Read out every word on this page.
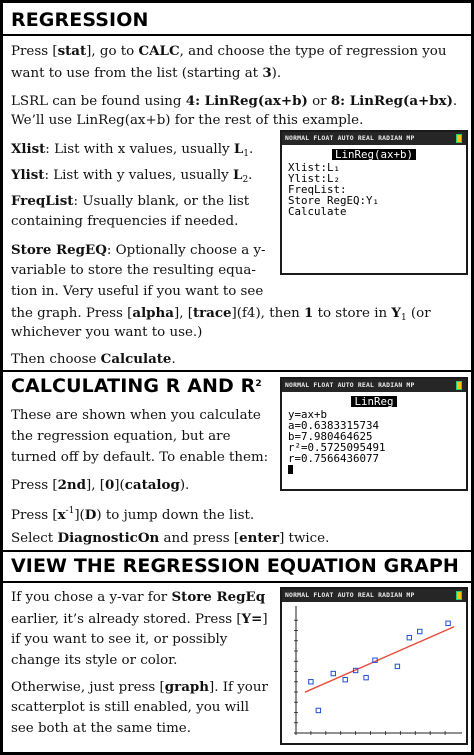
REGRESSION
Press [stat], go to CALC, and choose the type of regression you
want to use from the list (starting at 3).
LSRL can be found using 4: LinReg(ax+b) or 8: LinReg(a+bx).
We’ll use LinReg(ax+b) for the rest of this example.
Xlist: List with x values, usually $L_1$.
Ylist: List with y values, usually $L_2$.
FreqList: Usually blank, or the list
containing frequencies if needed.
Store RegEQ: Optionally choose a y-
variable to store the resulting equa-
tion in. Very useful if you want to see
the graph. Press [alpha], [trace](f4), then 1 to store in $Y_1$ (or
whichever you want to use.)
Then choose Calculate.
NORMAL FLOAT AUTO REAL RADIAN MP
LinReg(ax+b)
Xlist:L₁
Ylist:L₂
FreqList:
Store RegEQ:Y₁
Calculate
CALCULATING R AND $R^2$
These are shown when you calculate
the regression equation, but are
turned off by default. To enable them:
Press [2nd], [0](catalog).
Press $[x^{-1}](D)$ to jump down the list.
Select DiagnosticOn and press [enter] twice.
NORMAL FLOAT AUTO REAL RADIAN MP
LinReg
y=ax+b
a=0.6383315734
b=7.980464625
r²=0.5725095491
r=0.7566436077
VIEW THE REGRESSION EQUATION GRAPH
If you chose a y-var for Store RegEq
earlier, it’s already stored. Press [Y=]
if you want to see it, or possibly
change its style or color.
Otherwise, just press [graph]. If your
scatterplot is still enabled, you will
see both at the same time.
NORMAL FLOAT AUTO REAL RADIAN MP
